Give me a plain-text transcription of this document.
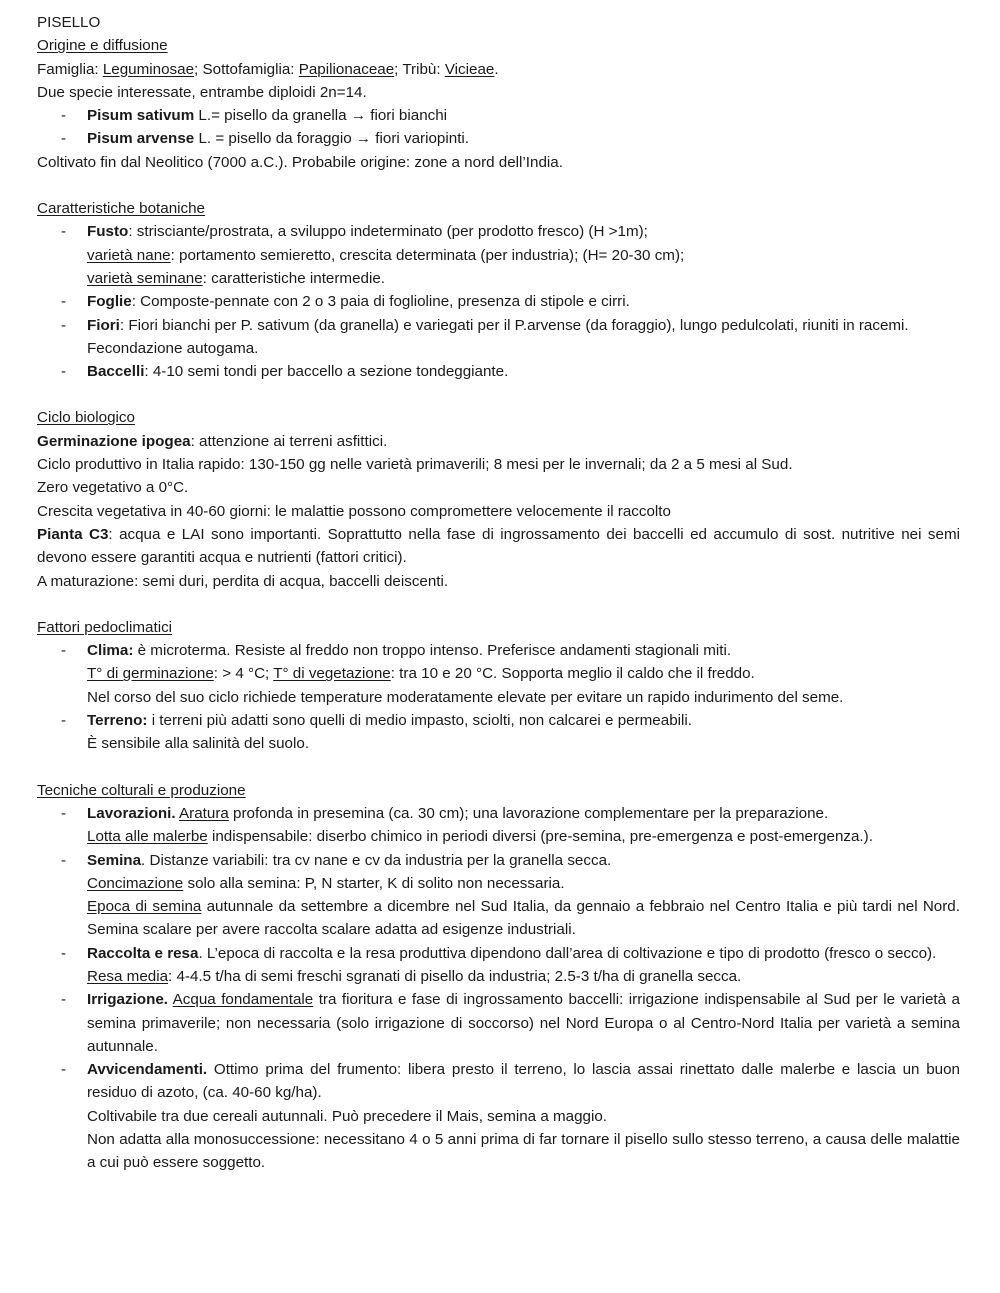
PISELLO
Origine e diffusione
Famiglia: Leguminosae; Sottofamiglia: Papilionaceae; Tribù: Vicieae.
Due specie interessate, entrambe diploidi 2n=14.
- Pisum sativum L.= pisello da granella → fiori bianchi
- Pisum arvense L. = pisello da foraggio → fiori variopinti.
Coltivato fin dal Neolitico (7000 a.C.). Probabile origine: zone a nord dell’India.
Caratteristiche botaniche
- Fusto: strisciante/prostrata, a sviluppo indeterminato (per prodotto fresco) (H >1m);
varietà nane: portamento semieretto, crescita determinata (per industria); (H= 20-30 cm);
varietà seminane: caratteristiche intermedie.
- Foglie: Composte-pennate con 2 o 3 paia di foglioline, presenza di stipole e cirri.
- Fiori: Fiori bianchi per P. sativum (da granella) e variegati per il P.arvense (da foraggio), lungo pedulcolati, riuniti in racemi. Fecondazione autogama.
- Baccelli: 4-10 semi tondi per baccello a sezione tondeggiante.
Ciclo biologico
Germinazione ipogea: attenzione ai terreni asfittici.
Ciclo produttivo in Italia rapido: 130-150 gg nelle varietà primaverili; 8 mesi per le invernali; da 2 a 5 mesi al Sud.
Zero vegetativo a 0°C.
Crescita vegetativa in 40-60 giorni: le malattie possono compromettere velocemente il raccolto
Pianta C3: acqua e LAI sono importanti. Soprattutto nella fase di ingrossamento dei baccelli ed accumulo di sost. nutritive nei semi devono essere garantiti acqua e nutrienti (fattori critici).
A maturazione: semi duri, perdita di acqua, baccelli deiscenti.
Fattori pedoclimatici
- Clima: è microterma. Resiste al freddo non troppo intenso. Preferisce andamenti stagionali miti.
T° di germinazione: > 4 °C; T° di vegetazione: tra 10 e 20 °C. Sopporta meglio il caldo che il freddo.
Nel corso del suo ciclo richiede temperature moderatamente elevate per evitare un rapido indurimento del seme.
- Terreno: i terreni più adatti sono quelli di medio impasto, sciolti, non calcarei e permeabili.
È sensibile alla salinità del suolo.
Tecniche colturali e produzione
- Lavorazioni. Aratura profonda in presemina (ca. 30 cm); una lavorazione complementare per la preparazione.
Lotta alle malerbe indispensabile: diserbo chimico in periodi diversi (pre-semina, pre-emergenza e post-emergenza.).
- Semina. Distanze variabili: tra cv nane e cv da industria per la granella secca.
Concimazione solo alla semina: P, N starter, K di solito non necessaria.
Epoca di semina autunnale da settembre a dicembre nel Sud Italia, da gennaio a febbraio nel Centro Italia e più tardi nel Nord. Semina scalare per avere raccolta scalare adatta ad esigenze industriali.
- Raccolta e resa. L’epoca di raccolta e la resa produttiva dipendono dall’area di coltivazione e tipo di prodotto (fresco o secco).
Resa media: 4-4.5 t/ha di semi freschi sgranati di pisello da industria; 2.5-3 t/ha di granella secca.
- Irrigazione. Acqua fondamentale tra fioritura e fase di ingrossamento baccelli: irrigazione indispensabile al Sud per le varietà a semina primaverile; non necessaria (solo irrigazione di soccorso) nel Nord Europa o al Centro-Nord Italia per varietà a semina autunnale.
- Avvicendamenti. Ottimo prima del frumento: libera presto il terreno, lo lascia assai rinettato dalle malerbe e lascia un buon residuo di azoto, (ca. 40-60 kg/ha).
Coltivabile tra due cereali autunnali. Può precedere il Mais, semina a maggio.
Non adatta alla monosuccessione: necessitano 4 o 5 anni prima di far tornare il pisello sullo stesso terreno, a causa delle malattie a cui può essere soggetto.
